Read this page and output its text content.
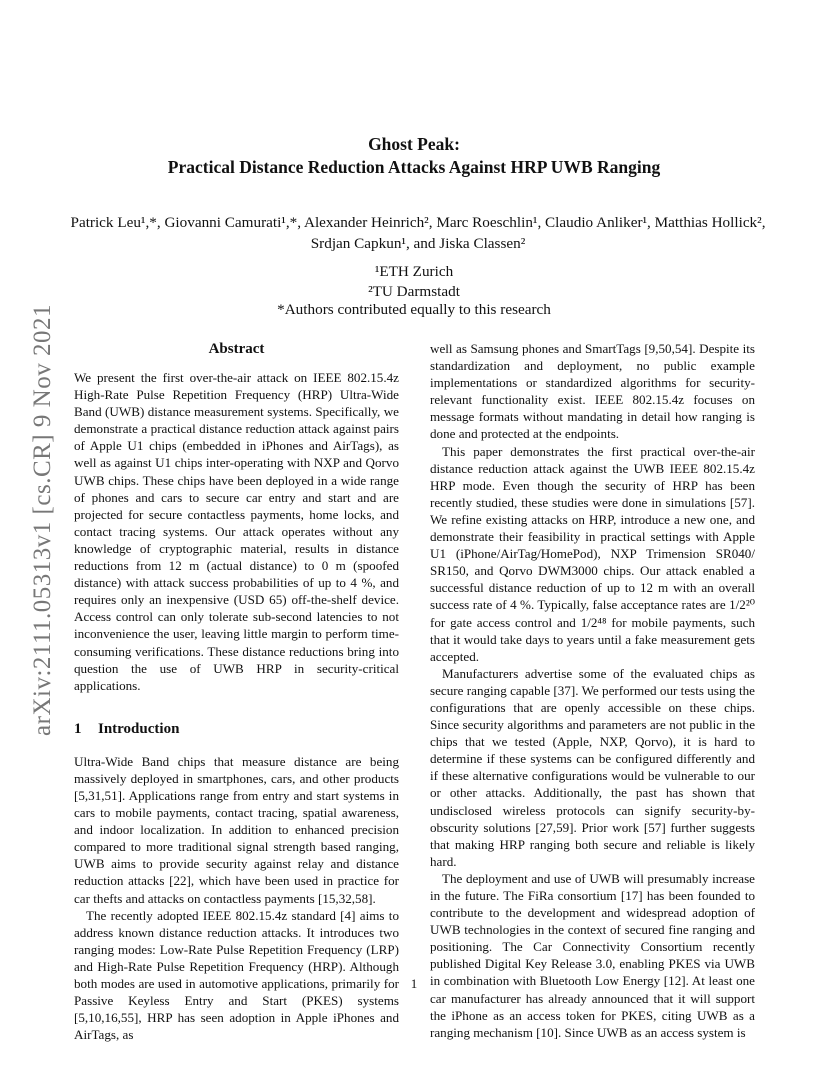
arXiv:2111.05313v1 [cs.CR] 9 Nov 2021
Ghost Peak:
Practical Distance Reduction Attacks Against HRP UWB Ranging
Patrick Leu¹,*, Giovanni Camurati¹,*, Alexander Heinrich², Marc Roeschlin¹, Claudio Anliker¹, Matthias Hollick², Srdjan Capkun¹, and Jiska Classen²
¹ETH Zurich
²TU Darmstadt
*Authors contributed equally to this research
Abstract

We present the first over-the-air attack on IEEE 802.15.4z High-Rate Pulse Repetition Frequency (HRP) Ultra-Wide Band (UWB) distance measurement systems. Specifically, we demonstrate a practical distance reduction attack against pairs of Apple U1 chips (embedded in iPhones and AirTags), as well as against U1 chips inter-operating with NXP and Qorvo UWB chips. These chips have been deployed in a wide range of phones and cars to secure car entry and start and are projected for secure contactless payments, home locks, and contact tracing systems. Our attack operates without any knowledge of cryptographic material, results in distance reductions from 12 m (actual distance) to 0 m (spoofed distance) with attack success probabilities of up to 4 %, and requires only an inexpensive (USD 65) off-the-shelf device. Access control can only tolerate sub-second latencies to not inconvenience the user, leaving little margin to perform time-consuming verifications. These distance reductions bring into question the use of UWB HRP in security-critical applications.

1 Introduction

Ultra-Wide Band chips that measure distance are being massively deployed in smartphones, cars, and other products [5,31,51]. Applications range from entry and start systems in cars to mobile payments, contact tracing, spatial awareness, and indoor localization. In addition to enhanced precision compared to more traditional signal strength based ranging, UWB aims to provide security against relay and distance reduction attacks [22], which have been used in practice for car thefts and attacks on contactless payments [15,32,58].

The recently adopted IEEE 802.15.4z standard [4] aims to address known distance reduction attacks. It introduces two ranging modes: Low-Rate Pulse Repetition Frequency (LRP) and High-Rate Pulse Repetition Frequency (HRP). Although both modes are used in automotive applications, primarily for Passive Keyless Entry and Start (PKES) systems [5,10,16,55], HRP has seen adoption in Apple iPhones and AirTags, as

well as Samsung phones and SmartTags [9,50,54]. Despite its standardization and deployment, no public example implementations or standardized algorithms for security-relevant functionality exist. IEEE 802.15.4z focuses on message formats without mandating in detail how ranging is done and protected at the endpoints.

This paper demonstrates the first practical over-the-air distance reduction attack against the UWB IEEE 802.15.4z HRP mode. Even though the security of HRP has been recently studied, these studies were done in simulations [57]. We refine existing attacks on HRP, introduce a new one, and demonstrate their feasibility in practical settings with Apple U1 (iPhone/AirTag/HomePod), NXP Trimension SR040/ SR150, and Qorvo DWM3000 chips. Our attack enabled a successful distance reduction of up to 12 m with an overall success rate of 4 %. Typically, false acceptance rates are 1/2²⁰ for gate access control and 1/2⁴⁸ for mobile payments, such that it would take days to years until a fake measurement gets accepted.

Manufacturers advertise some of the evaluated chips as secure ranging capable [37]. We performed our tests using the configurations that are openly accessible on these chips. Since security algorithms and parameters are not public in the chips that we tested (Apple, NXP, Qorvo), it is hard to determine if these systems can be configured differently and if these alternative configurations would be vulnerable to our or other attacks. Additionally, the past has shown that undisclosed wireless protocols can signify security-by-obscurity solutions [27,59]. Prior work [57] further suggests that making HRP ranging both secure and reliable is likely hard.

The deployment and use of UWB will presumably increase in the future. The FiRa consortium [17] has been founded to contribute to the development and widespread adoption of UWB technologies in the context of secured fine ranging and positioning. The Car Connectivity Consortium recently published Digital Key Release 3.0, enabling PKES via UWB in combination with Bluetooth Low Energy [12]. At least one car manufacturer has already announced that it will support the iPhone as an access token for PKES, citing UWB as a ranging mechanism [10]. Since UWB as an access system is

1
